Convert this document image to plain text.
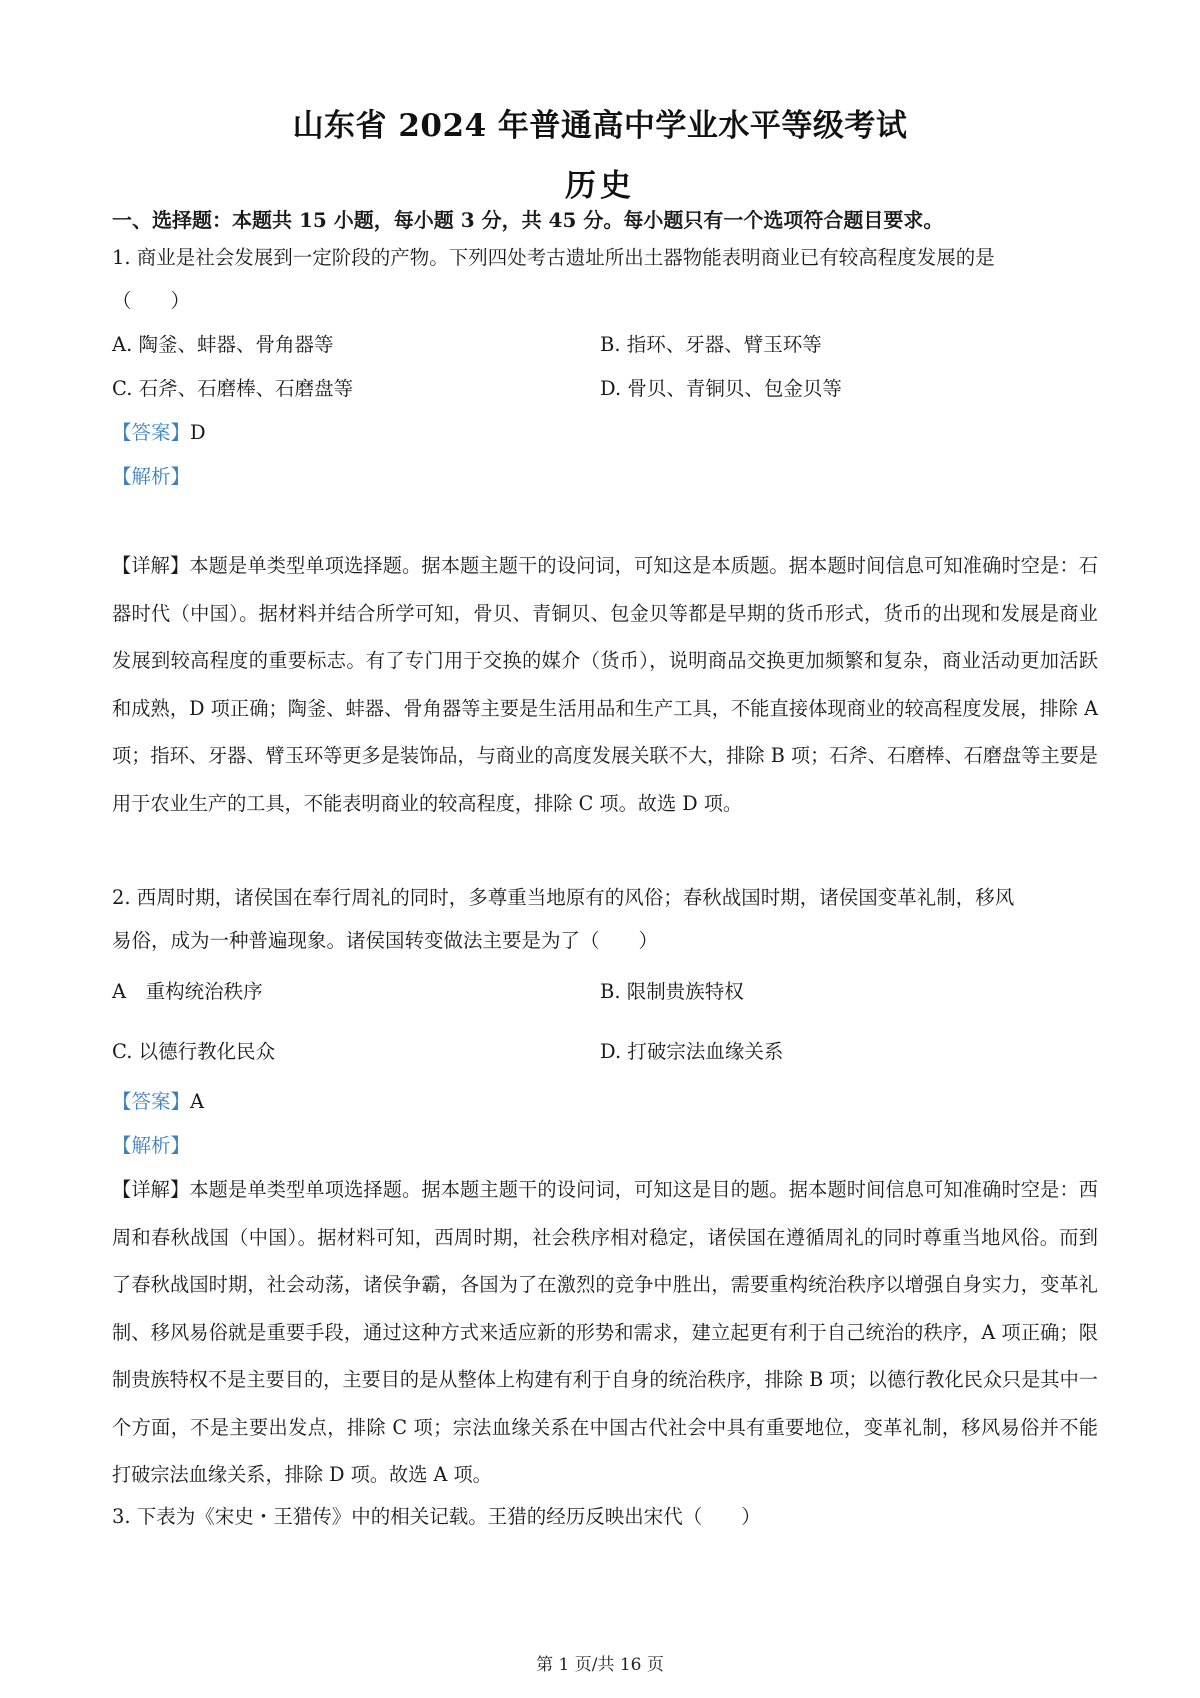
山东省 2024 年普通高中学业水平等级考试
历史
一、选择题：本题共 15 小题，每小题 3 分，共 45 分。每小题只有一个选项符合题目要求。
1. 商业是社会发展到一定阶段的产物。下列四处考古遗址所出土器物能表明商业已有较高程度发展的是
（　　）
A. 陶釜、蚌器、骨角器等	B. 指环、牙器、臂玉环等
C. 石斧、石磨棒、石磨盘等	D. 骨贝、青铜贝、包金贝等
【答案】D
【解析】
【详解】本题是单类型单项选择题。据本题主题干的设问词，可知这是本质题。据本题时间信息可知准确时空是：石器时代（中国）。据材料并结合所学可知，骨贝、青铜贝、包金贝等都是早期的货币形式，货币的出现和发展是商业发展到较高程度的重要标志。有了专门用于交换的媒介（货币），说明商品交换更加频繁和复杂，商业活动更加活跃和成熟，D 项正确；陶釜、蚌器、骨角器等主要是生活用品和生产工具，不能直接体现商业的较高程度发展，排除 A 项；指环、牙器、臂玉环等更多是装饰品，与商业的高度发展关联不大，排除 B 项；石斧、石磨棒、石磨盘等主要是用于农业生产的工具，不能表明商业的较高程度，排除 C 项。故选 D 项。
2. 西周时期，诸侯国在奉行周礼的同时，多尊重当地原有的风俗；春秋战国时期，诸侯国变革礼制，移风
易俗，成为一种普遍现象。诸侯国转变做法主要是为了（　　）
A　重构统治秩序	B. 限制贵族特权
C. 以德行教化民众	D. 打破宗法血缘关系
【答案】A
【解析】
【详解】本题是单类型单项选择题。据本题主题干的设问词，可知这是目的题。据本题时间信息可知准确时空是：西周和春秋战国（中国）。据材料可知，西周时期，社会秩序相对稳定，诸侯国在遵循周礼的同时尊重当地风俗。而到了春秋战国时期，社会动荡，诸侯争霸，各国为了在激烈的竞争中胜出，需要重构统治秩序以增强自身实力，变革礼制、移风易俗就是重要手段，通过这种方式来适应新的形势和需求，建立起更有利于自己统治的秩序，A 项正确；限制贵族特权不是主要目的，主要目的是从整体上构建有利于自身的统治秩序，排除 B 项；以德行教化民众只是其中一个方面，不是主要出发点，排除 C 项；宗法血缘关系在中国古代社会中具有重要地位，变革礼制，移风易俗并不能打破宗法血缘关系，排除 D 项。故选 A 项。
3. 下表为《宋史・王猎传》中的相关记载。王猎的经历反映出宋代（　　）
第 1 页/共 16 页
